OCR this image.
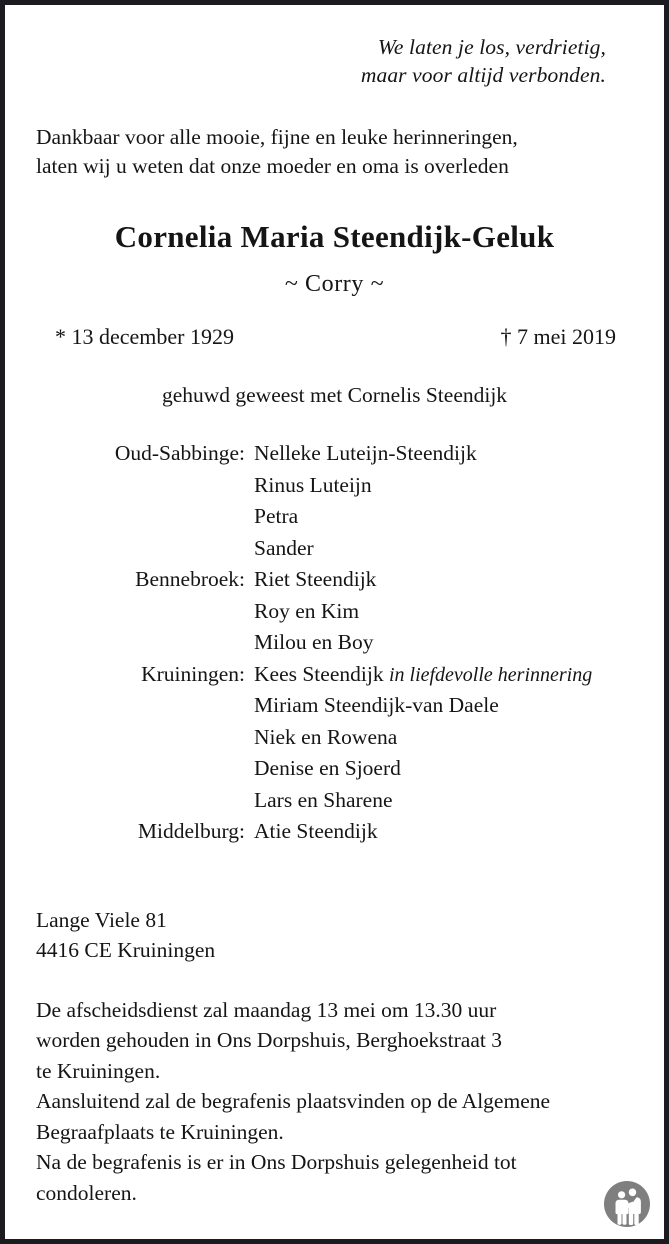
We laten je los, verdrietig,
maar voor altijd verbonden.
Dankbaar voor alle mooie, fijne en leuke herinneringen,
laten wij u weten dat onze moeder en oma is overleden
Cornelia Maria Steendijk-Geluk
~ Corry ~
* 13 december 1929	† 7 mei 2019
gehuwd geweest met Cornelis Steendijk
Oud-Sabbinge: Nelleke Luteijn-Steendijk
Rinus Luteijn
Petra
Sander
Bennebroek: Riet Steendijk
Roy en Kim
Milou en Boy
Kruiningen: Kees Steendijk in liefdevolle herinnering
Miriam Steendijk-van Daele
Niek en Rowena
Denise en Sjoerd
Lars en Sharene
Middelburg: Atie Steendijk
Lange Viele 81
4416 CE Kruiningen
De afscheidsdienst zal maandag 13 mei om 13.30 uur
worden gehouden in Ons Dorpshuis, Berghoekstraat 3
te Kruiningen.
Aansluitend zal de begrafenis plaatsvinden op de Algemene
Begraafplaats te Kruiningen.
Na de begrafenis is er in Ons Dorpshuis gelegenheid tot
condoleren.
